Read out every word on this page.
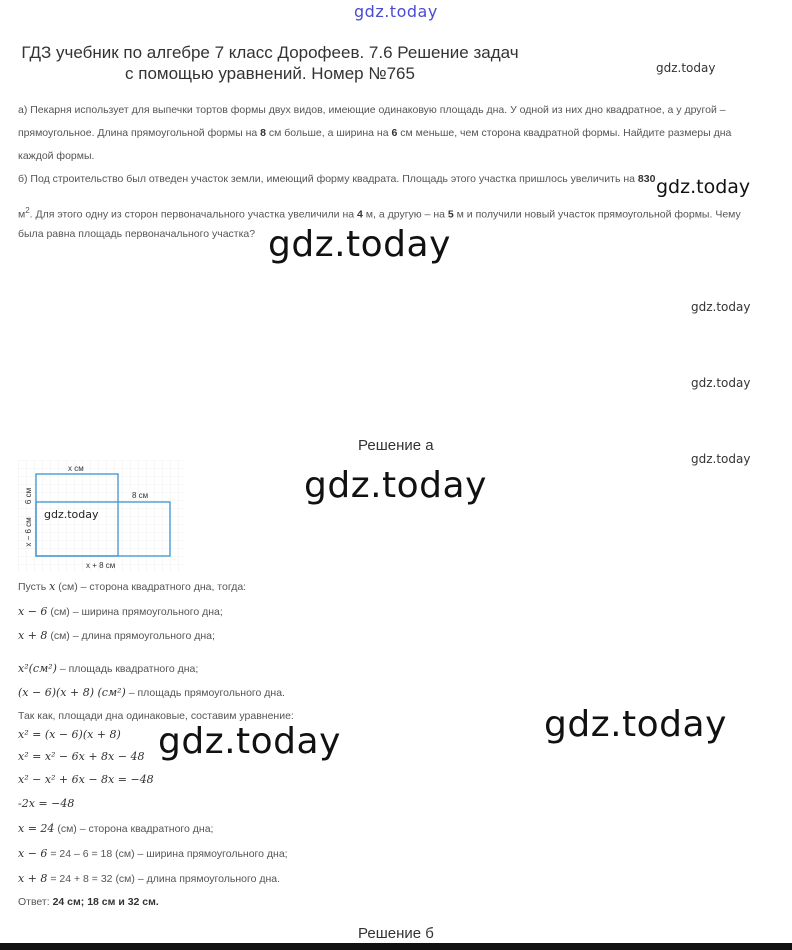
gdz.today
gdz.today
gdz.today
gdz.today
gdz.today
gdz.today
gdz.today
gdz.today
gdz.today
gdz.today
ГДЗ учебник по алгебре 7 класс Дорофеев. 7.6 Решение задач
с помощью уравнений. Номер №765
а) Пекарня использует для выпечки тортов формы двух видов, имеющие одинаковую площадь дна. У одной из них дно квадратное, а у другой –
прямоугольное. Длина прямоугольной формы на 8 см больше, а ширина на 6 см меньше, чем сторона квадратной формы. Найдите размеры дна
каждой формы.
б) Под строительство был отведен участок земли, имеющий форму квадрата. Площадь этого участка пришлось увеличить на 830
$м^2$. Для этого одну из сторон первоначального участка увеличили на 4 м, а другую – на 5 м и получили новый участок прямоугольной формы. Чему
была равна площадь первоначального участка?
Решение а
x см
6 см
x − 6 см
8 см
x + 8 см
gdz.today
Пусть x (см) – сторона квадратного дна, тогда:
x − 6 (см) – ширина прямоугольного дна;
x + 8 (см) – длина прямоугольного дна;
x²(см²) – площадь квадратного дна;
(x − 6)(x + 8) (см²) – площадь прямоугольного дна.
Так как, площади дна одинаковые, составим уравнение:
x² = (x − 6)(x + 8)
x² = x² − 6x + 8x − 48
x² − x² + 6x − 8x = −48
-2x = −48
x = 24 (см) – сторона квадратного дна;
x − 6 = 24 – 6 = 18 (см) – ширина прямоугольного дна;
x + 8 = 24 + 8 = 32 (см) – длина прямоугольного дна.
Ответ: 24 см; 18 см и 32 см.
Решение б
